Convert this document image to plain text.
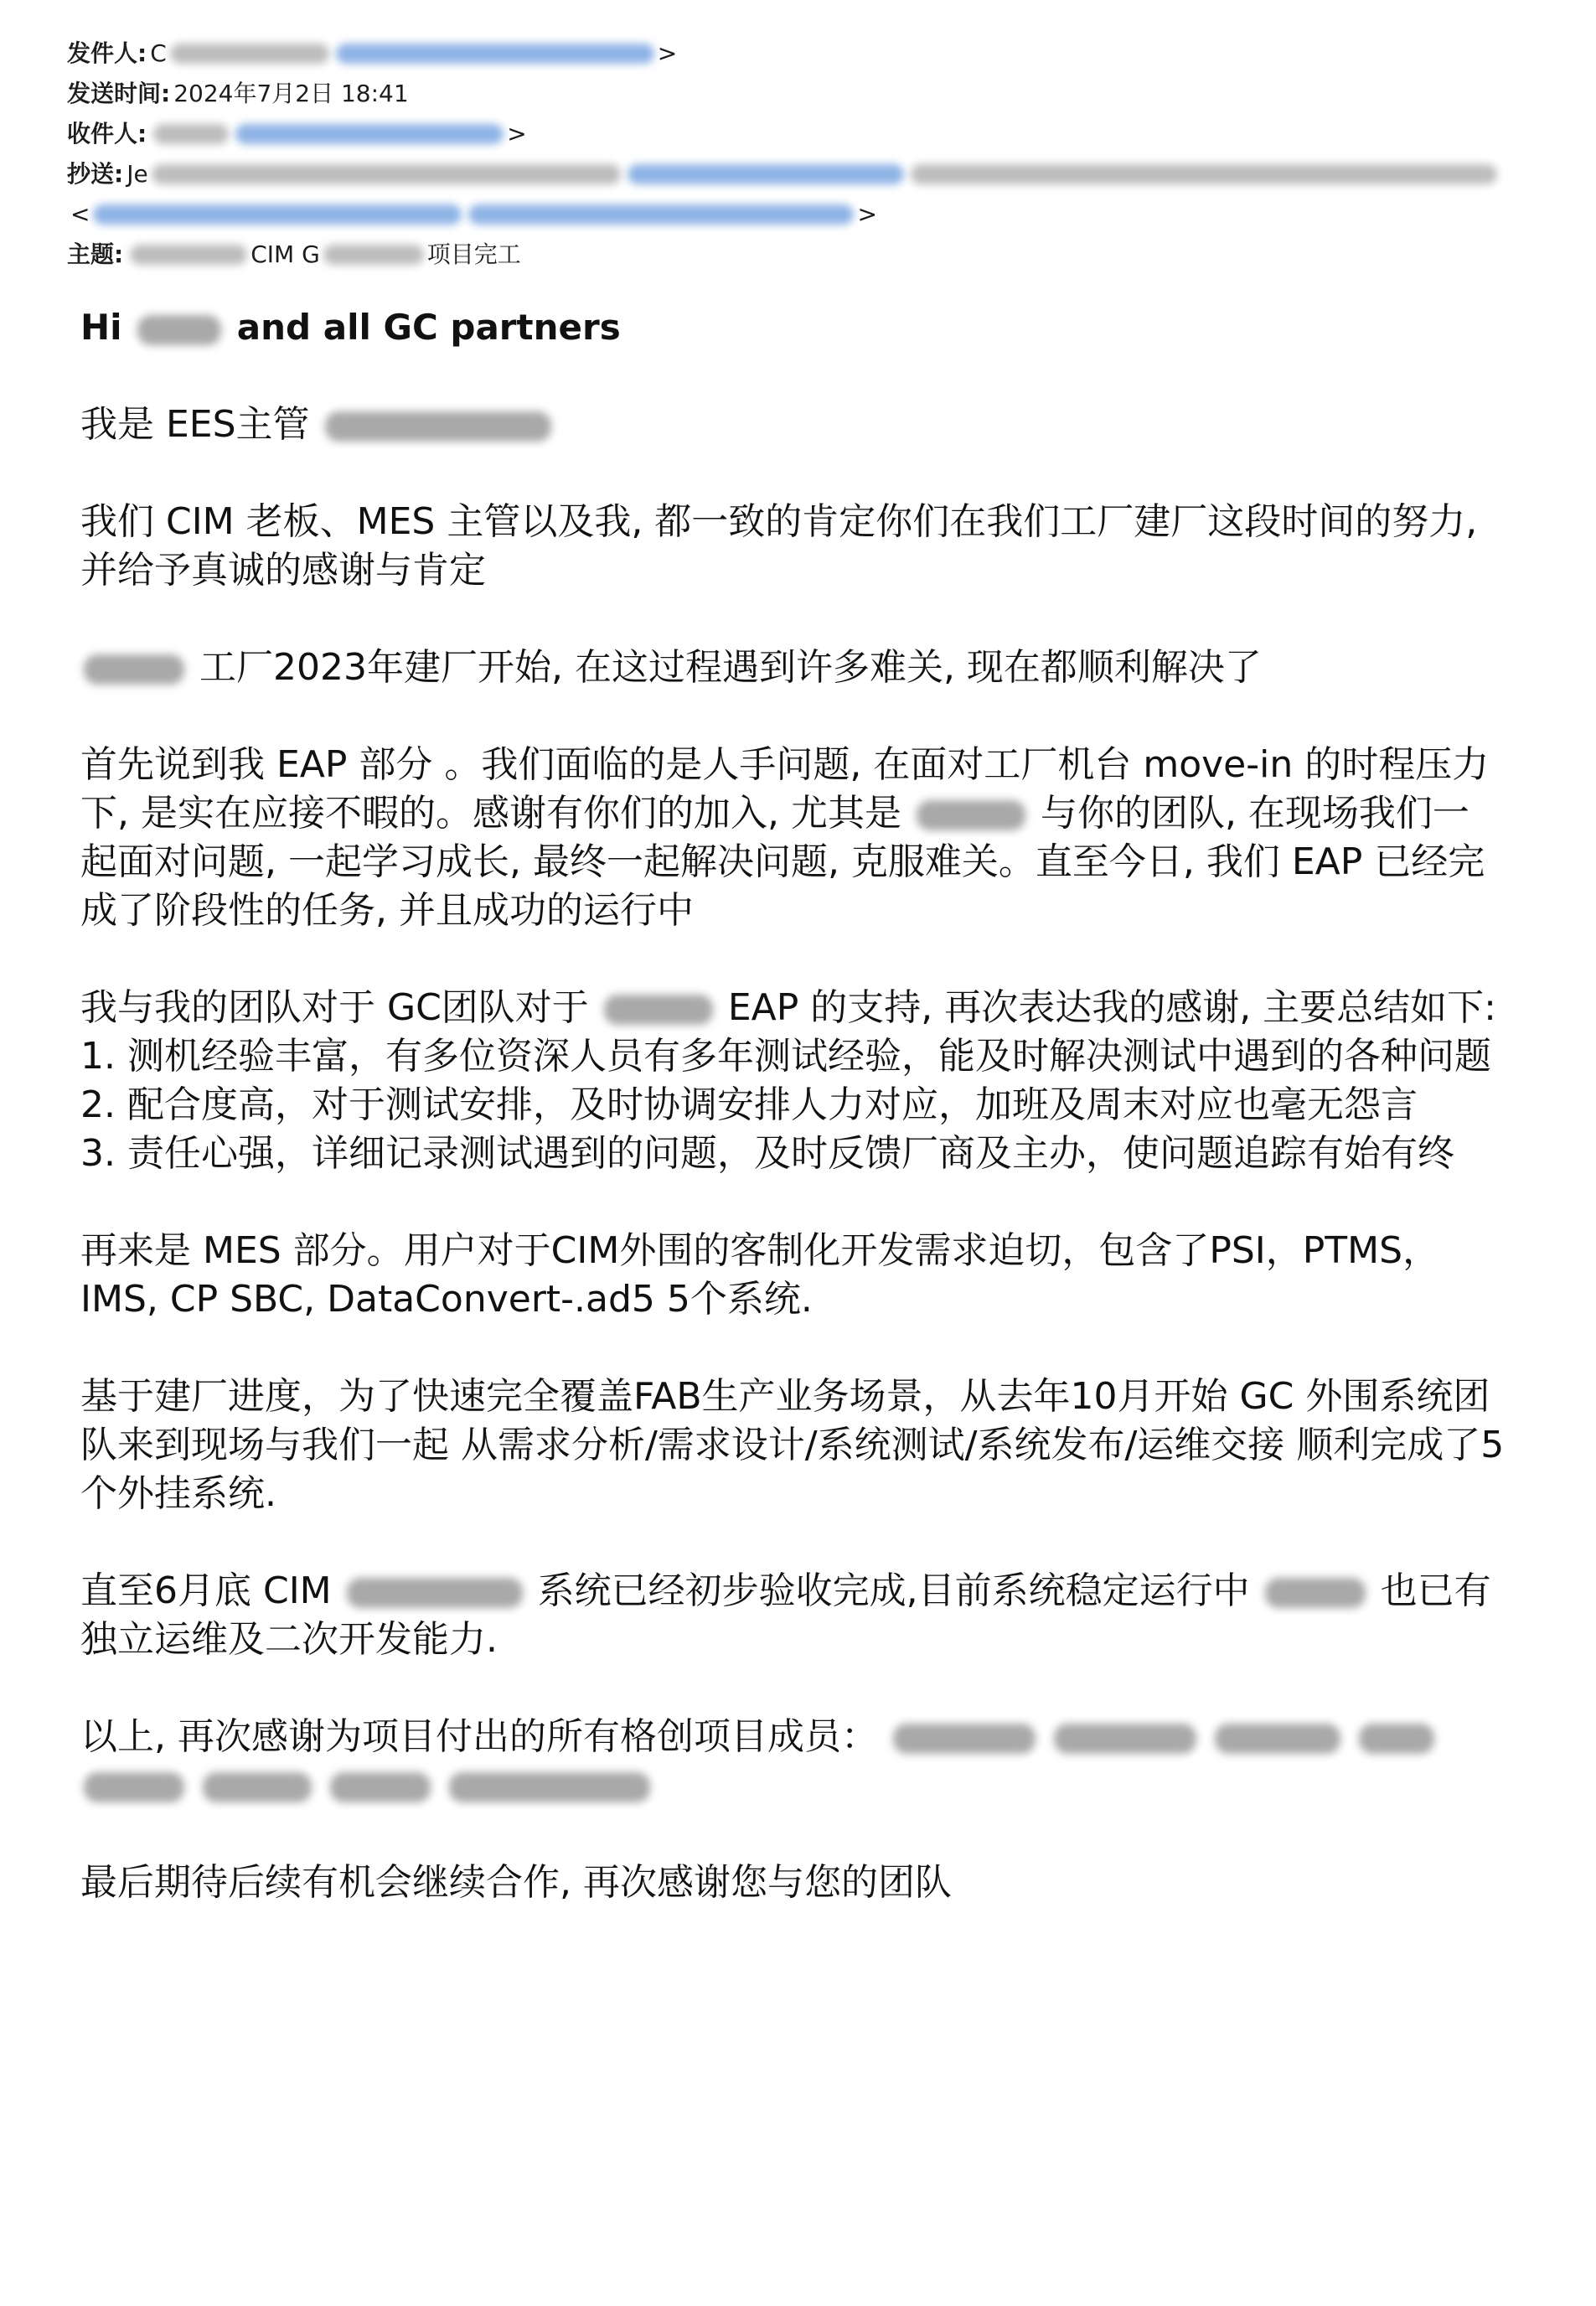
发件人: C	>
发送时间: 2024年7月2日 18:41
收件人:	>
抄送: Je
<	>
主题:	CIM G	项目完工

Hi	and all GC partners

我是 EES主管

我们 CIM 老板、MES 主管以及我, 都一致的肯定你们在我们工厂建厂这段时间的努力, 并给予真诚的感谢与肯定

工厂2023年建厂开始, 在这过程遇到许多难关, 现在都顺利解决了

首先说到我 EAP 部分 。我们面临的是人手问题, 在面对工厂机台 move-in 的时程压力下, 是实在应接不暇的。感谢有你们的加入, 尤其是	与你的团队, 在现场我们一起面对问题, 一起学习成长, 最终一起解决问题, 克服难关。直至今日, 我们 EAP 已经完成了阶段性的任务, 并且成功的运行中

我与我的团队对于 GC团队对于	EAP 的支持, 再次表达我的感谢, 主要总结如下:
1. 测机经验丰富，有多位资深人员有多年测试经验，能及时解决测试中遇到的各种问题
2. 配合度高，对于测试安排，及时协调安排人力对应，加班及周末对应也毫无怨言
3. 责任心强，详细记录测试遇到的问题，及时反馈厂商及主办，使问题追踪有始有终

再来是 MES 部分。用户对于CIM外围的客制化开发需求迫切，包含了PSI，PTMS，IMS, CP SBC, DataConvert-.ad5 5个系统.

基于建厂进度，为了快速完全覆盖FAB生产业务场景，从去年10月开始 GC 外围系统团队来到现场与我们一起 从需求分析/需求设计/系统测试/系统发布/运维交接 顺利完成了5个外挂系统.

直至6月底 CIM	系统已经初步验收完成,目前系统稳定运行中	也已有独立运维及二次开发能力.

以上, 再次感谢为项目付出的所有格创项目成员：

最后期待后续有机会继续合作, 再次感谢您与您的团队
